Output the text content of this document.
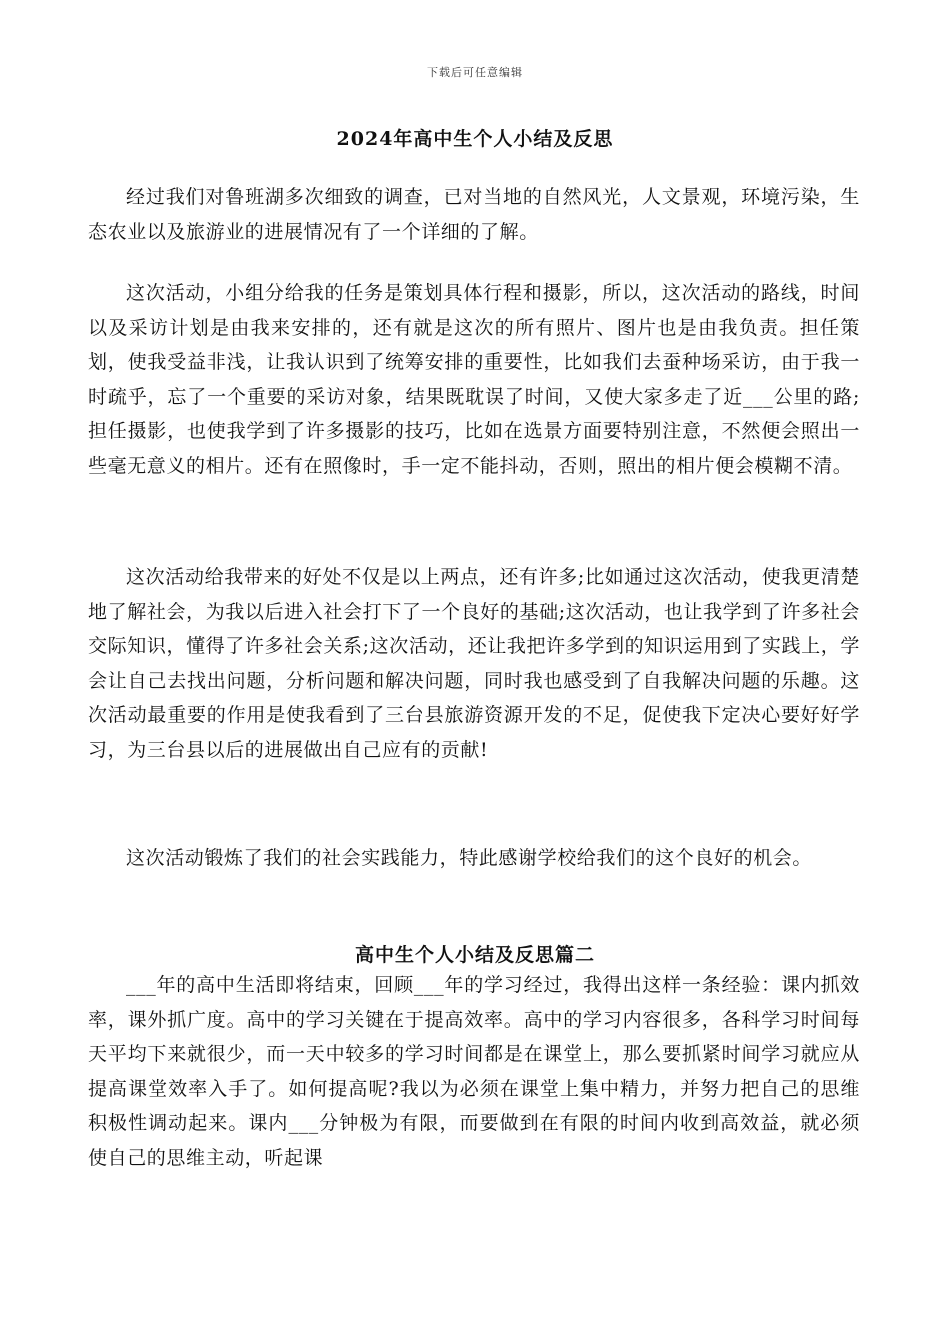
下载后可任意编辑
2024年高中生个人小结及反思

经过我们对鲁班湖多次细致的调查，已对当地的自然风光，人文景观，环境污染，生态农业以及旅游业的进展情况有了一个详细的了解。

这次活动，小组分给我的任务是策划具体行程和摄影，所以，这次活动的路线，时间以及采访计划是由我来安排的，还有就是这次的所有照片、图片也是由我负责。担任策划，使我受益非浅，让我认识到了统筹安排的重要性，比如我们去蚕种场采访，由于我一时疏乎，忘了一个重要的采访对象，结果既耽误了时间，又使大家多走了近___公里的路;担任摄影，也使我学到了许多摄影的技巧，比如在选景方面要特别注意，不然便会照出一些毫无意义的相片。还有在照像时，手一定不能抖动，否则，照出的相片便会模糊不清。

这次活动给我带来的好处不仅是以上两点，还有许多;比如通过这次活动，使我更清楚地了解社会，为我以后进入社会打下了一个良好的基础;这次活动，也让我学到了许多社会交际知识，懂得了许多社会关系;这次活动，还让我把许多学到的知识运用到了实践上，学会让自己去找出问题，分析问题和解决问题，同时我也感受到了自我解决问题的乐趣。这次活动最重要的作用是使我看到了三台县旅游资源开发的不足，促使我下定决心要好好学习，为三台县以后的进展做出自己应有的贡献!

这次活动锻炼了我们的社会实践能力，特此感谢学校给我们的这个良好的机会。

高中生个人小结及反思篇二

___年的高中生活即将结束，回顾___年的学习经过，我得出这样一条经验：课内抓效率，课外抓广度。高中的学习关键在于提高效率。高中的学习内容很多，各科学习时间每天平均下来就很少，而一天中较多的学习时间都是在课堂上，那么要抓紧时间学习就应从提高课堂效率入手了。如何提高呢?我以为必须在课堂上集中精力，并努力把自己的思维积极性调动起来。课内___分钟极为有限，而要做到在有限的时间内收到高效益，就必须使自己的思维主动，听起课
